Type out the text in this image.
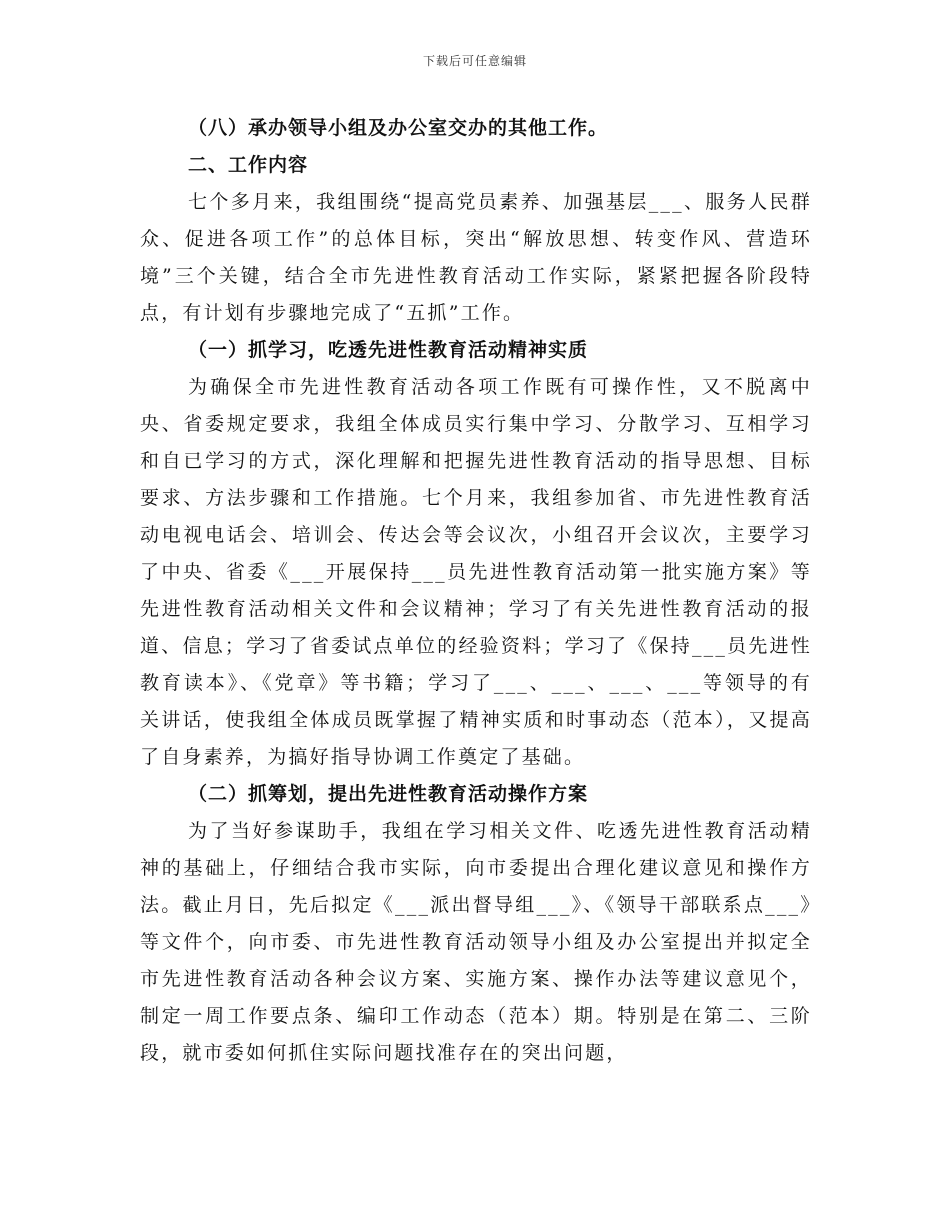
下载后可任意编辑

（八）承办领导小组及办公室交办的其他工作。

二、工作内容

七个多月来，我组围绕“提高党员素养、加强基层___、服务人民群众、促进各项工作”的总体目标，突出“解放思想、转变作风、营造环境”三个关键，结合全市先进性教育活动工作实际，紧紧把握各阶段特点，有计划有步骤地完成了“五抓”工作。

（一）抓学习，吃透先进性教育活动精神实质

为确保全市先进性教育活动各项工作既有可操作性，又不脱离中央、省委规定要求，我组全体成员实行集中学习、分散学习、互相学习和自已学习的方式，深化理解和把握先进性教育活动的指导思想、目标要求、方法步骤和工作措施。七个月来，我组参加省、市先进性教育活动电视电话会、培训会、传达会等会议次，小组召开会议次，主要学习了中央、省委《___开展保持___员先进性教育活动第一批实施方案》等先进性教育活动相关文件和会议精神；学习了有关先进性教育活动的报道、信息；学习了省委试点单位的经验资料；学习了《保持___员先进性教育读本》、《党章》等书籍；学习了___、___、___、___等领导的有关讲话，使我组全体成员既掌握了精神实质和时事动态（范本），又提高了自身素养，为搞好指导协调工作奠定了基础。

（二）抓筹划，提出先进性教育活动操作方案

为了当好参谋助手，我组在学习相关文件、吃透先进性教育活动精神的基础上，仔细结合我市实际，向市委提出合理化建议意见和操作方法。截止月日，先后拟定《___派出督导组___》、《领导干部联系点___》等文件个，向市委、市先进性教育活动领导小组及办公室提出并拟定全市先进性教育活动各种会议方案、实施方案、操作办法等建议意见个，制定一周工作要点条、编印工作动态（范本）期。特别是在第二、三阶段，就市委如何抓住实际问题找准存在的突出问题，
